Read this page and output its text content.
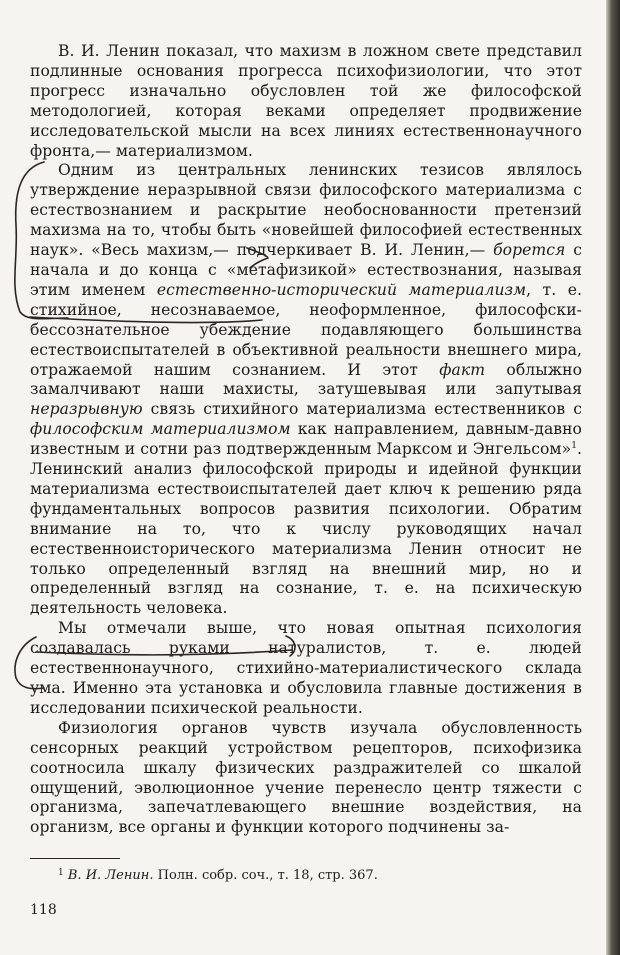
В. И. Ленин показал, что махизм в ложном свете представил подлинные основания прогресса психофизиологии, что этот прогресс изначально обусловлен той же философской методологией, которая веками определяет продвижение исследовательской мысли на всех линиях естественнонаучного фронта,— материализмом.

Одним из центральных ленинских тезисов являлось утверждение неразрывной связи философского материализма с естествознанием и раскрытие необоснованности претензий махизма на то, чтобы быть «новейшей философией естественных наук». «Весь махизм,— подчеркивает В. И. Ленин,— борется с начала и до конца с «метафизикой» естествознания, называя этим именем естественно-исторический материализм, т. е. стихийное, несознаваемое, неоформленное, философски-бессознательное убеждение подавляющего большинства естествоиспытателей в объективной реальности внешнего мира, отражаемой нашим сознанием. И этот факт облыжно замалчивают наши махисты, затушевывая или запутывая неразрывную связь стихийного материализма естественников с философским материализмом как направлением, давным-давно известным и сотни раз подтвержденным Марксом и Энгельсом»$^1$. Ленинский анализ философской природы и идейной функции материализма естествоиспытателей дает ключ к решению ряда фундаментальных вопросов развития психологии. Обратим внимание на то, что к числу руководящих начал естественноисторического материализма Ленин относит не только определенный взгляд на внешний мир, но и определенный взгляд на сознание, т. е. на психическую деятельность человека.

Мы отмечали выше, что новая опытная психология создавалась руками натуралистов, т. е. людей естественнонаучного, стихийно-материалистического склада ума. Именно эта установка и обусловила главные достижения в исследовании психической реальности.

Физиология органов чувств изучала обусловленность сенсорных реакций устройством рецепторов, психофизика соотносила шкалу физических раздражителей со шкалой ощущений, эволюционное учение перенесло центр тяжести с организма, запечатлевающего внешние воздействия, на организм, все органы и функции которого подчинены за-

$^1$ В. И. Ленин. Полн. собр. соч., т. 18, стр. 367.
118
